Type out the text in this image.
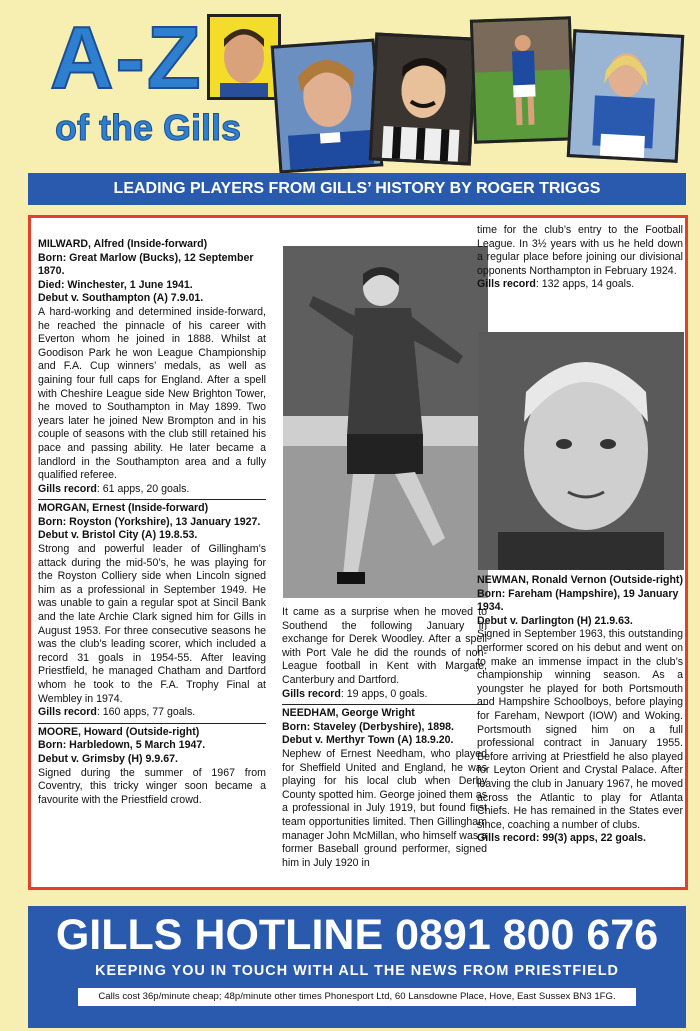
A-Z
of the Gills
LEADING PLAYERS FROM GILLS’ HISTORY BY ROGER TRIGGS
MILWARD, Alfred (Inside-forward)
Born: Great Marlow (Bucks), 12 September 1870.
Died: Winchester, 1 June 1941.
Debut v. Southampton (A) 7.9.01.

A hard-working and determined inside-forward, he reached the pinnacle of his career with Everton whom he joined in 1888. Whilst at Goodison Park he won League Championship and F.A. Cup winners’ medals, as well as gaining four full caps for England. After a spell with Cheshire League side New Brighton Tower, he moved to Southampton in May 1899. Two years later he joined New Brompton and in his couple of seasons with the club still retained his pace and passing ability. He later became a landlord in the Southampton area and a fully qualified referee.

Gills record: 61 apps, 20 goals.
MORGAN, Ernest (Inside-forward)
Born: Royston (Yorkshire), 13 January 1927.
Debut v. Bristol City (A) 19.8.53.

Strong and powerful leader of Gillingham’s attack during the mid-50’s, he was playing for the Royston Colliery side when Lincoln signed him as a professional in September 1949. He was unable to gain a regular spot at Sincil Bank and the late Archie Clark signed him for Gills in August 1953. For three consecutive seasons he was the club’s leading scorer, which included a record 31 goals in 1954-55. After leaving Priestfield, he managed Chatham and Dartford whom he took to the F.A. Trophy Final at Wembley in 1974.

Gills record: 160 apps, 77 goals.
MOORE, Howard (Outside-right)
Born: Harbledown, 5 March 1947.
Debut v. Grimsby (H) 9.9.67.

Signed during the summer of 1967 from Coventry, this tricky winger soon became a favourite with the Priestfield crowd.

It came as a surprise when he moved to Southend the following January in exchange for Derek Woodley. After a spell with Port Vale he did the rounds of non-League football in Kent with Margate, Canterbury and Dartford.

Gills record: 19 apps, 0 goals.
NEEDHAM, George Wright
Born: Staveley (Derbyshire), 1898.
Debut v. Merthyr Town (A) 18.9.20.

Nephew of Ernest Needham, who played for Sheffield United and England, he was playing for his local club when Derby County spotted him. George joined them as a professional in July 1919, but found first team opportunities limited. Then Gillingham manager John McMillan, who himself was a former Baseball ground performer, signed him in July 1920 in

time for the club’s entry to the Football League. In 3½ years with us he held down a regular place before joining our divisional opponents Northampton in February 1924.

Gills record: 132 apps, 14 goals.
NEWMAN, Ronald Vernon (Outside-right)
Born: Fareham (Hampshire), 19 January 1934.
Debut v. Darlington (H) 21.9.63.

Signed in September 1963, this outstanding performer scored on his debut and went on to make an immense impact in the club’s championship winning season. As a youngster he played for both Portsmouth and Hampshire Schoolboys, before playing for Fareham, Newport (IOW) and Woking. Portsmouth signed him on a full professional contract in January 1955. Before arriving at Priestfield he also played for Leyton Orient and Crystal Palace. After leaving the club in January 1967, he moved across the Atlantic to play for Atlanta Chiefs. He has remained in the States ever since, coaching a number of clubs.

Gills record: 99(3) apps, 22 goals.
GILLS HOTLINE 0891 800 676
KEEPING YOU IN TOUCH WITH ALL THE NEWS FROM PRIESTFIELD
Calls cost 36p/minute cheap; 48p/minute other times Phonesport Ltd, 60 Lansdowne Place, Hove, East Sussex BN3 1FG.
